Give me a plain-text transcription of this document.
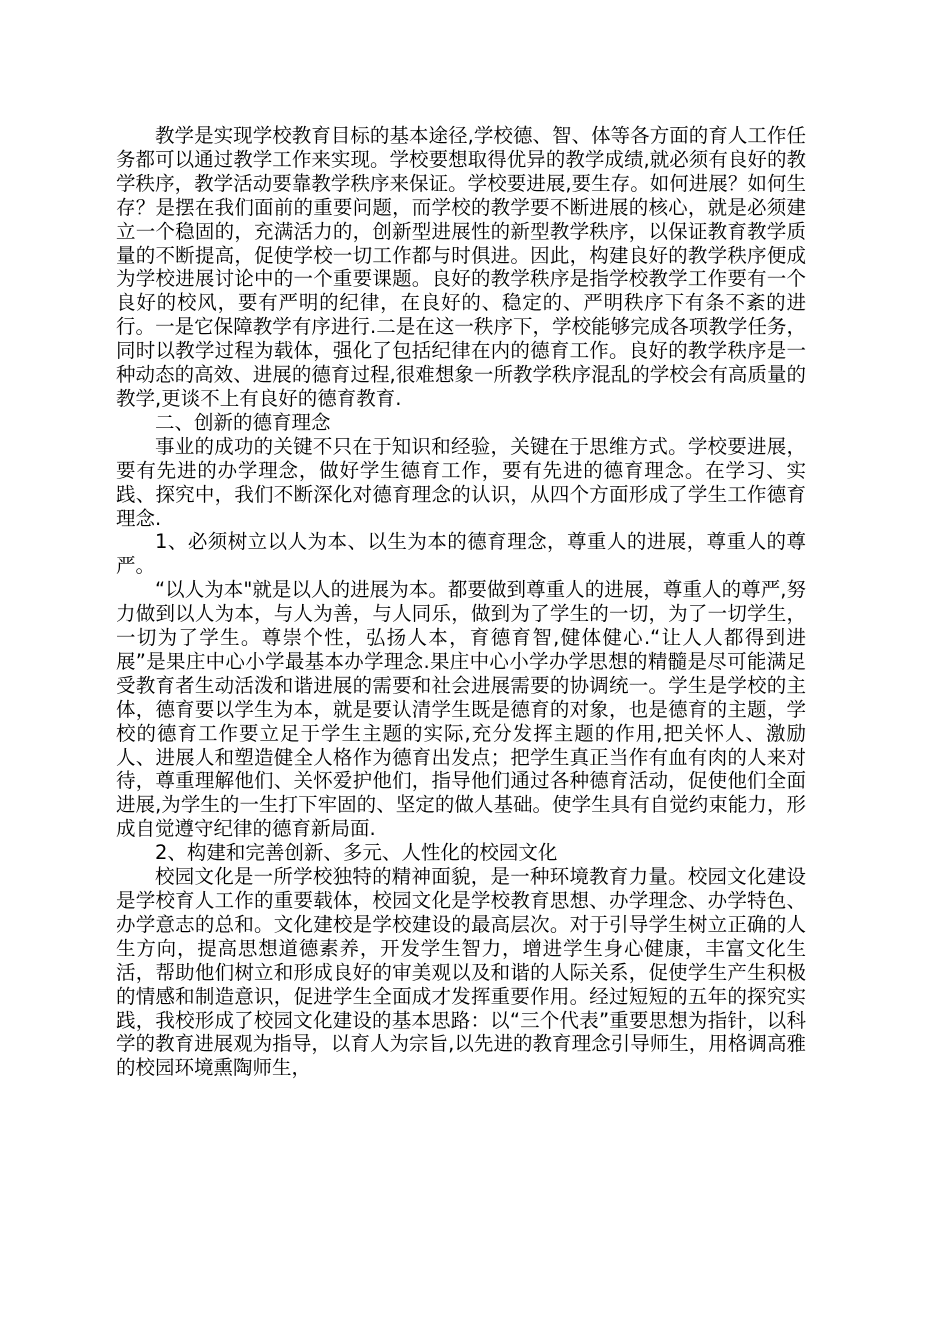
教学是实现学校教育目标的基本途径,学校德、智、体等各方面的育人工作任务都可以通过教学工作来实现。学校要想取得优异的教学成绩,就必须有良好的教学秩序，教学活动要靠教学秩序来保证。学校要进展,要生存。如何进展？如何生存？是摆在我们面前的重要问题，而学校的教学要不断进展的核心，就是必须建立一个稳固的，充满活力的，创新型进展性的新型教学秩序，以保证教育教学质量的不断提高，促使学校一切工作都与时俱进。因此，构建良好的教学秩序便成为学校进展讨论中的一个重要课题。良好的教学秩序是指学校教学工作要有一个良好的校风，要有严明的纪律，在良好的、稳定的、严明秩序下有条不紊的进行。一是它保障教学有序进行.二是在这一秩序下，学校能够完成各项教学任务，同时以教学过程为载体，强化了包括纪律在内的德育工作。良好的教学秩序是一种动态的高效、进展的德育过程,很难想象一所教学秩序混乱的学校会有高质量的教学,更谈不上有良好的德育教育.

二、创新的德育理念

事业的成功的关键不只在于知识和经验，关键在于思维方式。学校要进展，要有先进的办学理念，做好学生德育工作，要有先进的德育理念。在学习、实践、探究中，我们不断深化对德育理念的认识，从四个方面形成了学生工作德育理念.

1、必须树立以人为本、以生为本的德育理念，尊重人的进展，尊重人的尊严。

“以人为本"就是以人的进展为本。都要做到尊重人的进展，尊重人的尊严,努力做到以人为本，与人为善，与人同乐，做到为了学生的一切，为了一切学生，一切为了学生。尊崇个性，弘扬人本，育德育智,健体健心.“让人人都得到进展”是果庄中心小学最基本办学理念.果庄中心小学办学思想的精髓是尽可能满足受教育者生动活泼和谐进展的需要和社会进展需要的协调统一。学生是学校的主体，德育要以学生为本，就是要认清学生既是德育的对象，也是德育的主题，学校的德育工作要立足于学生主题的实际,充分发挥主题的作用,把关怀人、激励人、进展人和塑造健全人格作为德育出发点；把学生真正当作有血有肉的人来对待，尊重理解他们、关怀爱护他们，指导他们通过各种德育活动，促使他们全面进展,为学生的一生打下牢固的、坚定的做人基础。使学生具有自觉约束能力，形成自觉遵守纪律的德育新局面.

2、构建和完善创新、多元、人性化的校园文化

校园文化是一所学校独特的精神面貌，是一种环境教育力量。校园文化建设是学校育人工作的重要载体，校园文化是学校教育思想、办学理念、办学特色、办学意志的总和。文化建校是学校建设的最高层次。对于引导学生树立正确的人生方向，提高思想道德素养，开发学生智力，增进学生身心健康，丰富文化生活，帮助他们树立和形成良好的审美观以及和谐的人际关系，促使学生产生积极的情感和制造意识，促进学生全面成才发挥重要作用。经过短短的五年的探究实践，我校形成了校园文化建设的基本思路：以“三个代表”重要思想为指针，以科学的教育进展观为指导，以育人为宗旨,以先进的教育理念引导师生，用格调高雅的校园环境熏陶师生，
